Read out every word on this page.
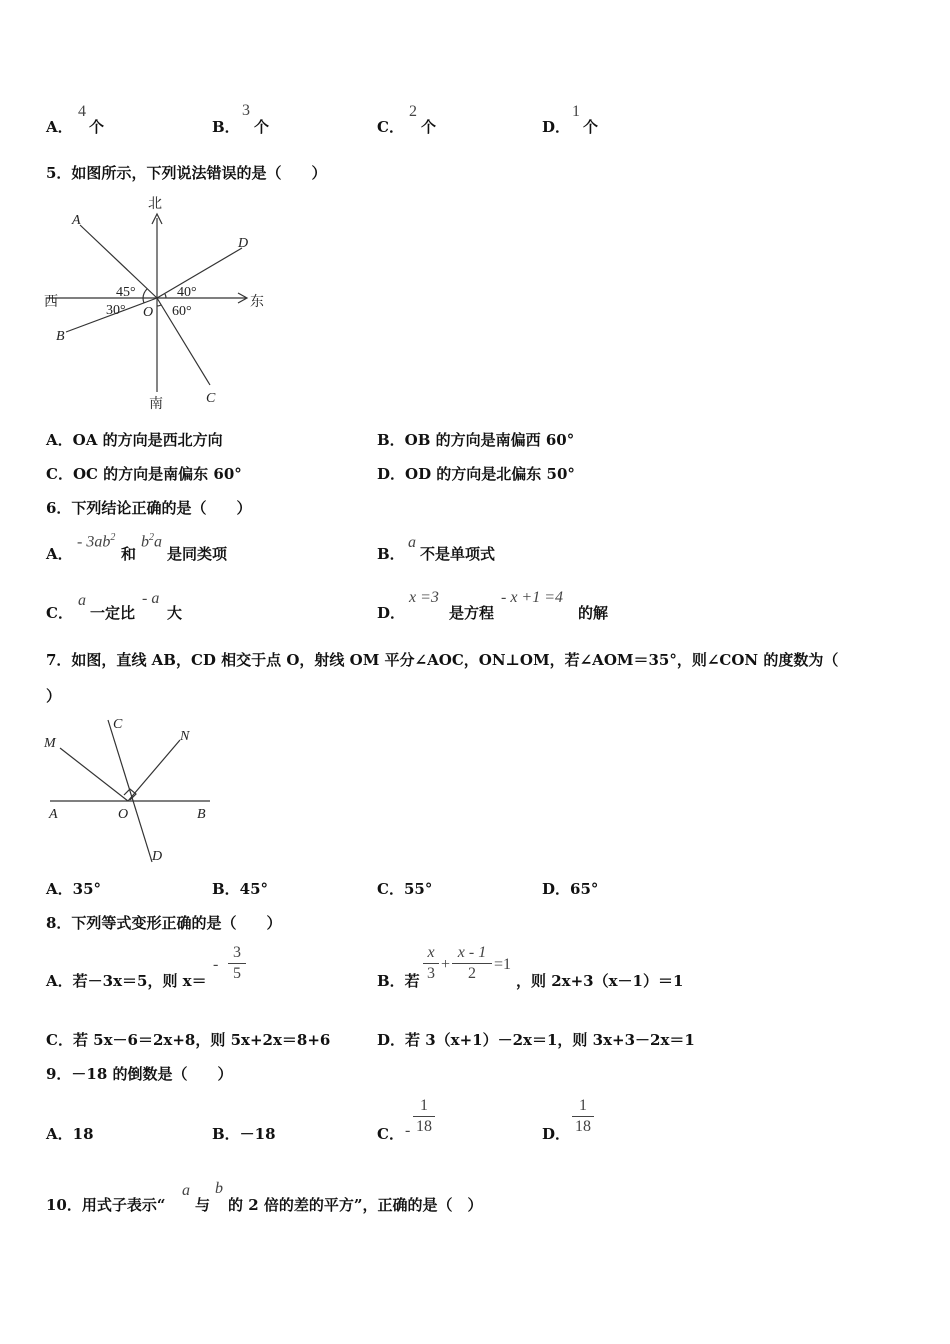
A．
4
个	B．
3
个	C．
2
个	D．
1
个
5．如图所示，下列说法错误的是（　　）
北
南
西	东
A
B
C
D
O
45°
30°
40°
60°
A．OA 的方向是西北方向	B．OB 的方向是南偏西 60°
C．OC 的方向是南偏东 60°	D．OD 的方向是北偏东 50°
6．下列结论正确的是（　　）
A．
- $3ab^2$
和
$b^2a$
是同类项	B．
a
不是单项式
C．
a
一定比
- a
大	D．
x =3
是方程
- x +1 =4
的解
7．如图，直线 AB，CD 相交于点 O，射线 OM 平分∠AOC，ON⊥OM，若∠AOM＝35°，则∠CON 的度数为（
）
M
C
N
A	O	B
D
A．35°	B．45°	C．55°	D．65°
8．下列等式变形正确的是（　　）
A．若－3x＝5，则 x＝
-
3
5	B．若
x
3
+
x - 1
2
=1
，则 2x+3（x－1）＝1
C．若 5x－6＝2x+8，则 5x+2x＝8+6	D．若 3（x+1）－2x＝1，则 3x+3－2x＝1
9．－18 的倒数是（　　）
A．18	B．－18	C． -
1
18	D．
1
18
10．用式子表示“
a
与
b
的 2 倍的差的平方”，正确的是（　）
